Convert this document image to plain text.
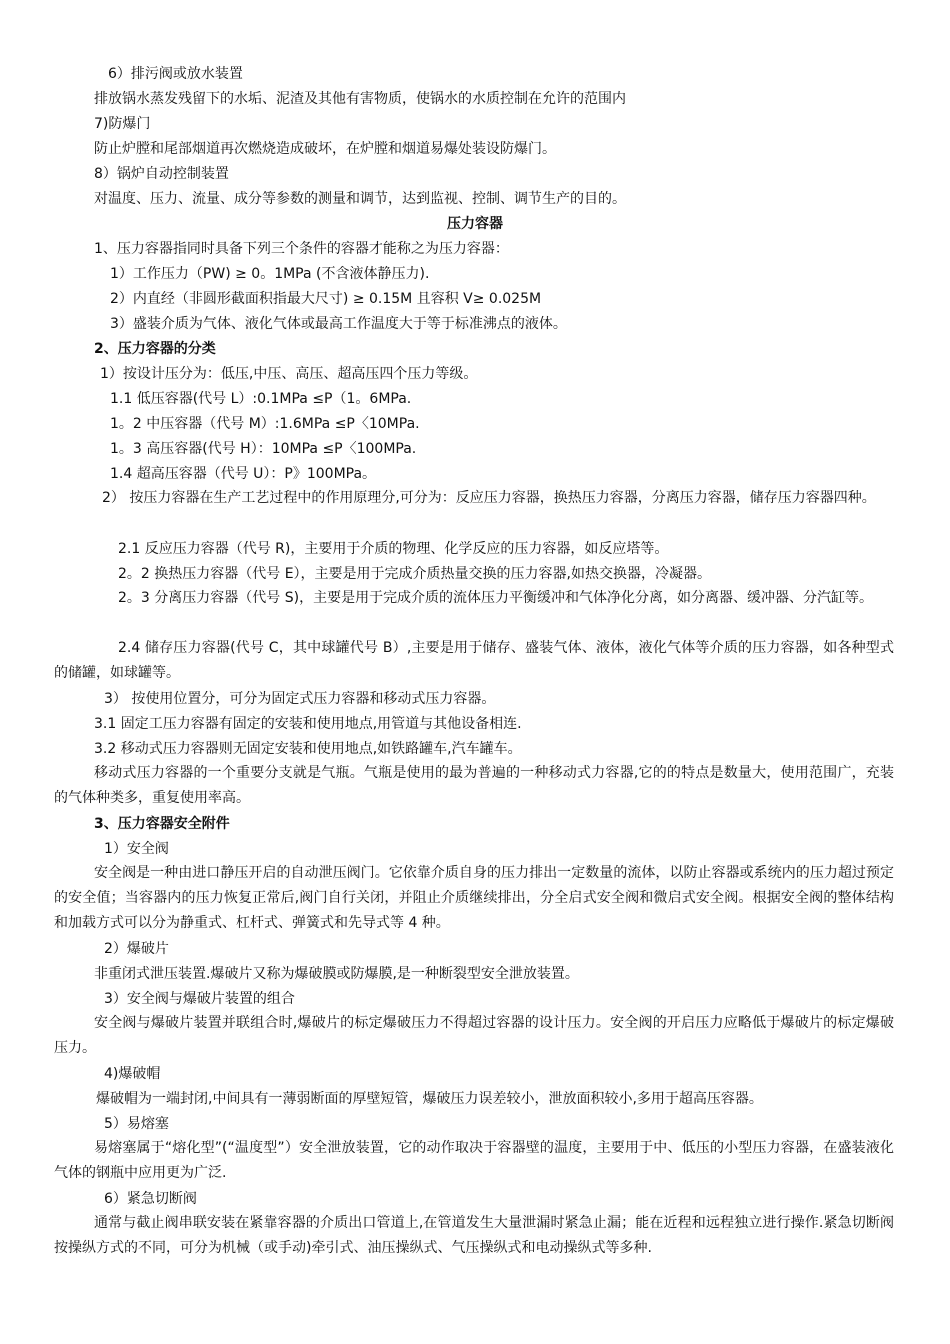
6）排污阀或放水装置
排放锅水蒸发残留下的水垢、泥渣及其他有害物质，使锅水的水质控制在允许的范围内
7)防爆门
防止炉膛和尾部烟道再次燃烧造成破坏，在炉膛和烟道易爆处装设防爆门。
8）锅炉自动控制装置
对温度、压力、流量、成分等参数的测量和调节，达到监视、控制、调节生产的目的。
压力容器
1、压力容器指同时具备下列三个条件的容器才能称之为压力容器：
1）工作压力（PW) ≥ 0。1MPa (不含液体静压力).
2）内直经（非圆形截面积指最大尺寸) ≥ 0.15M 且容积 V≥ 0.025M
3）盛装介质为气体、液化气体或最高工作温度大于等于标准沸点的液体。
2、压力容器的分类
1）按设计压分为：低压,中压、高压、超高压四个压力等级。
1.1 低压容器(代号 L）:0.1MPa ≤P（1。6MPa.
1。2 中压容器（代号 M）:1.6MPa ≤P〈10MPa.
1。3 高压容器(代号 H）：10MPa ≤P〈100MPa.
1.4 超高压容器（代号 U）：P》100MPa。
2） 按压力容器在生产工艺过程中的作用原理分,可分为：反应压力容器，换热压力容器，分离压力容器，储存压力容器四种。
2.1 反应压力容器（代号 R)，主要用于介质的物理、化学反应的压力容器，如反应塔等。
2。2 换热压力容器（代号 E），主要是用于完成介质热量交换的压力容器,如热交换器，冷凝器。
2。3 分离压力容器（代号 S)，主要是用于完成介质的流体压力平衡缓冲和气体净化分离，如分离器、缓冲器、分汽缸等。
2.4 储存压力容器(代号 C，其中球罐代号 B）,主要是用于储存、盛装气体、液体，液化气体等介质的压力容器，如各种型式的储罐，如球罐等。
3） 按使用位置分，可分为固定式压力容器和移动式压力容器。
3.1 固定工压力容器有固定的安装和使用地点,用管道与其他设备相连.
3.2 移动式压力容器则无固定安装和使用地点,如铁路罐车,汽车罐车。
移动式压力容器的一个重要分支就是气瓶。气瓶是使用的最为普遍的一种移动式力容器,它的的特点是数量大，使用范围广，充装的气体种类多，重复使用率高。
3、压力容器安全附件
1）安全阀
安全阀是一种由进口静压开启的自动泄压阀门。它依靠介质自身的压力排出一定数量的流体，以防止容器或系统内的压力超过预定的安全值；当容器内的压力恢复正常后,阀门自行关闭，并阻止介质继续排出，分全启式安全阀和微启式安全阀。根据安全阀的整体结构和加载方式可以分为静重式、杠杆式、弹簧式和先导式等 4 种。
2）爆破片
非重闭式泄压装置.爆破片又称为爆破膜或防爆膜,是一种断裂型安全泄放装置。
3）安全阀与爆破片装置的组合
安全阀与爆破片装置并联组合时,爆破片的标定爆破压力不得超过容器的设计压力。安全阀的开启压力应略低于爆破片的标定爆破压力。
4)爆破帽
爆破帽为一端封闭,中间具有一薄弱断面的厚壁短管，爆破压力误差较小，泄放面积较小,多用于超高压容器。
5）易熔塞
易熔塞属于“熔化型”(“温度型”）安全泄放装置，它的动作取决于容器壁的温度，主要用于中、低压的小型压力容器，在盛装液化气体的钢瓶中应用更为广泛.
6）紧急切断阀
通常与截止阀串联安装在紧靠容器的介质出口管道上,在管道发生大量泄漏时紧急止漏；能在近程和远程独立进行操作.紧急切断阀按操纵方式的不同，可分为机械（或手动)牵引式、油压操纵式、气压操纵式和电动操纵式等多种.
